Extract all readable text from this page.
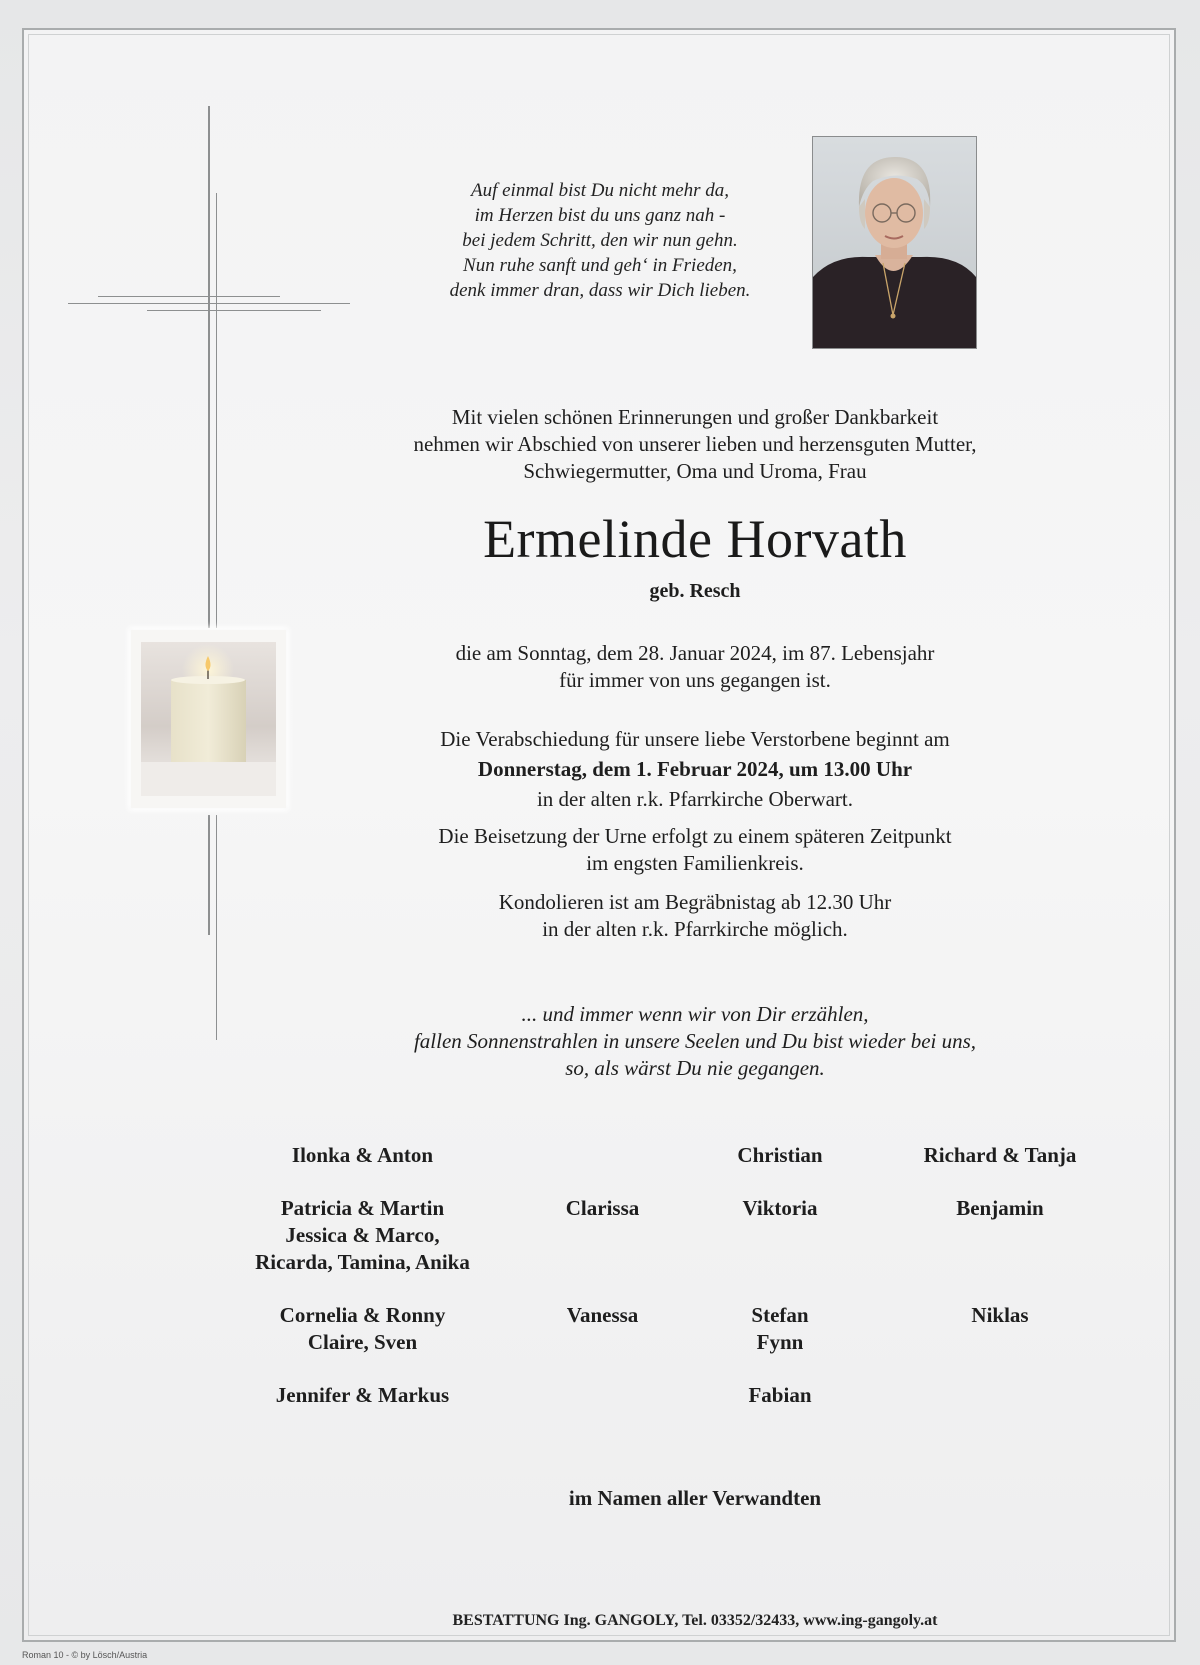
Auf einmal bist Du nicht mehr da,
im Herzen bist du uns ganz nah -
bei jedem Schritt, den wir nun gehn.
Nun ruhe sanft und geh‘ in Frieden,
denk immer dran, dass wir Dich lieben.
Mit vielen schönen Erinnerungen und großer Dankbarkeit
nehmen wir Abschied von unserer lieben und herzensguten Mutter,
Schwiegermutter, Oma und Uroma, Frau
Ermelinde Horvath
geb. Resch
die am Sonntag, dem 28. Januar 2024, im 87. Lebensjahr
für immer von uns gegangen ist.
Die Verabschiedung für unsere liebe Verstorbene beginnt am
Donnerstag, dem 1. Februar 2024, um 13.00 Uhr
in der alten r.k. Pfarrkirche Oberwart.
Die Beisetzung der Urne erfolgt zu einem späteren Zeitpunkt
im engsten Familienkreis.
Kondolieren ist am Begräbnistag ab 12.30 Uhr
in der alten r.k. Pfarrkirche möglich.
... und immer wenn wir von Dir erzählen,
fallen Sonnenstrahlen in unsere Seelen und Du bist wieder bei uns,
so, als wärst Du nie gegangen.
Ilonka & Anton
Patricia & Martin
Jessica & Marco,
Ricarda, Tamina, Anika
Cornelia & Ronny
Claire, Sven
Jennifer & Markus
Clarissa
Vanessa
Christian
Viktoria
Stefan
Fynn
Fabian
Richard & Tanja
Benjamin
Niklas
im Namen aller Verwandten
BESTATTUNG Ing. GANGOLY, Tel. 03352/32433, www.ing-gangoly.at
Roman 10 - © by Lösch/Austria
